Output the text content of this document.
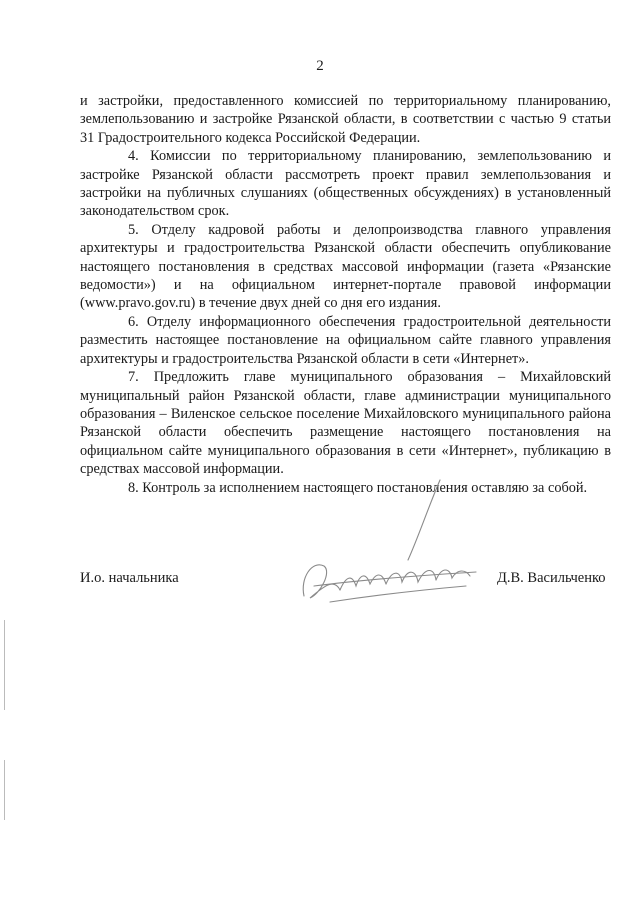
2

и застройки, предоставленного комиссией по территориальному планированию, землепользованию и застройке Рязанской области, в соответствии с частью 9 статьи 31 Градостроительного кодекса Российской Федерации.

4. Комиссии по территориальному планированию, землепользованию и застройке Рязанской области рассмотреть проект правил землепользования и застройки на публичных слушаниях (общественных обсуждениях) в установленный законодательством срок.

5. Отделу кадровой работы и делопроизводства главного управления архитектуры и градостроительства Рязанской области обеспечить опубликование настоящего постановления в средствах массовой информации (газета «Рязанские ведомости») и на официальном интернет-портале правовой информации (www.pravo.gov.ru) в течение двух дней со дня его издания.

6. Отделу информационного обеспечения градостроительной деятельности разместить настоящее постановление на официальном сайте главного управления архитектуры и градостроительства Рязанской области в сети «Интернет».

7. Предложить главе муниципального образования – Михайловский муниципальный район Рязанской области, главе администрации муниципального образования – Виленское сельское поселение Михайловского муниципального района Рязанской области обеспечить размещение настоящего постановления на официальном сайте муниципального образования в сети «Интернет», публикацию в средствах массовой информации.

8. Контроль за исполнением настоящего постановления оставляю за собой.

И.о. начальника	Д.В. Васильченко
